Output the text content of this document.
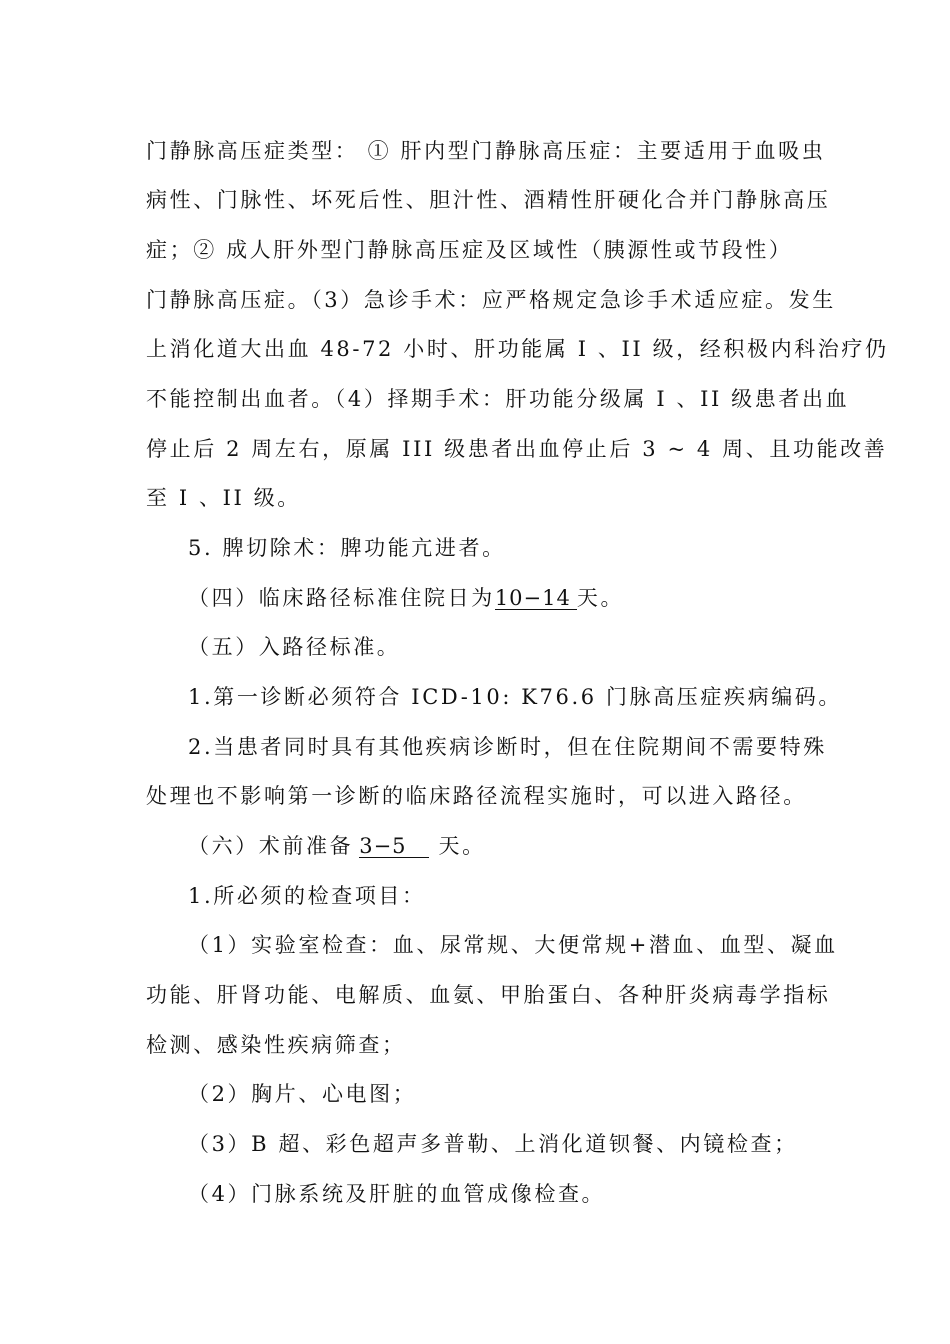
门静脉高压症类型： ① 肝内型门静脉高压症：主要适用于血吸虫
病性、门脉性、坏死后性、胆汁性、酒精性肝硬化合并门静脉高压
症；② 成人肝外型门静脉高压症及区域性（胰源性或节段性）
门静脉高压症。（3）急诊手术：应严格规定急诊手术适应症。发生
上消化道大出血 48-72 小时、肝功能属 I 、II 级，经积极内科治疗仍
不能控制出血者。（4）择期手术：肝功能分级属 I 、II 级患者出血
停止后 2 周左右，原属 III 级患者出血停止后 3 ~ 4 周、且功能改善
至 I 、II 级。
5. 脾切除术：脾功能亢进者。
（四）临床路径标准住院日为10−14 天。
（五）入路径标准。
1.第一诊断必须符合 ICD-10: K76.6 门脉高压症疾病编码。
2.当患者同时具有其他疾病诊断时，但在住院期间不需要特殊
处理也不影响第一诊断的临床路径流程实施时，可以进入路径。
（六）术前准备 3−5 天。
1.所必须的检查项目：
（1）实验室检查：血、尿常规、大便常规+潜血、血型、凝血
功能、肝肾功能、电解质、血氨、甲胎蛋白、各种肝炎病毒学指标
检测、感染性疾病筛查；
（2）胸片、心电图；
（3）B 超、彩色超声多普勒、上消化道钡餐、内镜检查；
（4）门脉系统及肝脏的血管成像检查。
